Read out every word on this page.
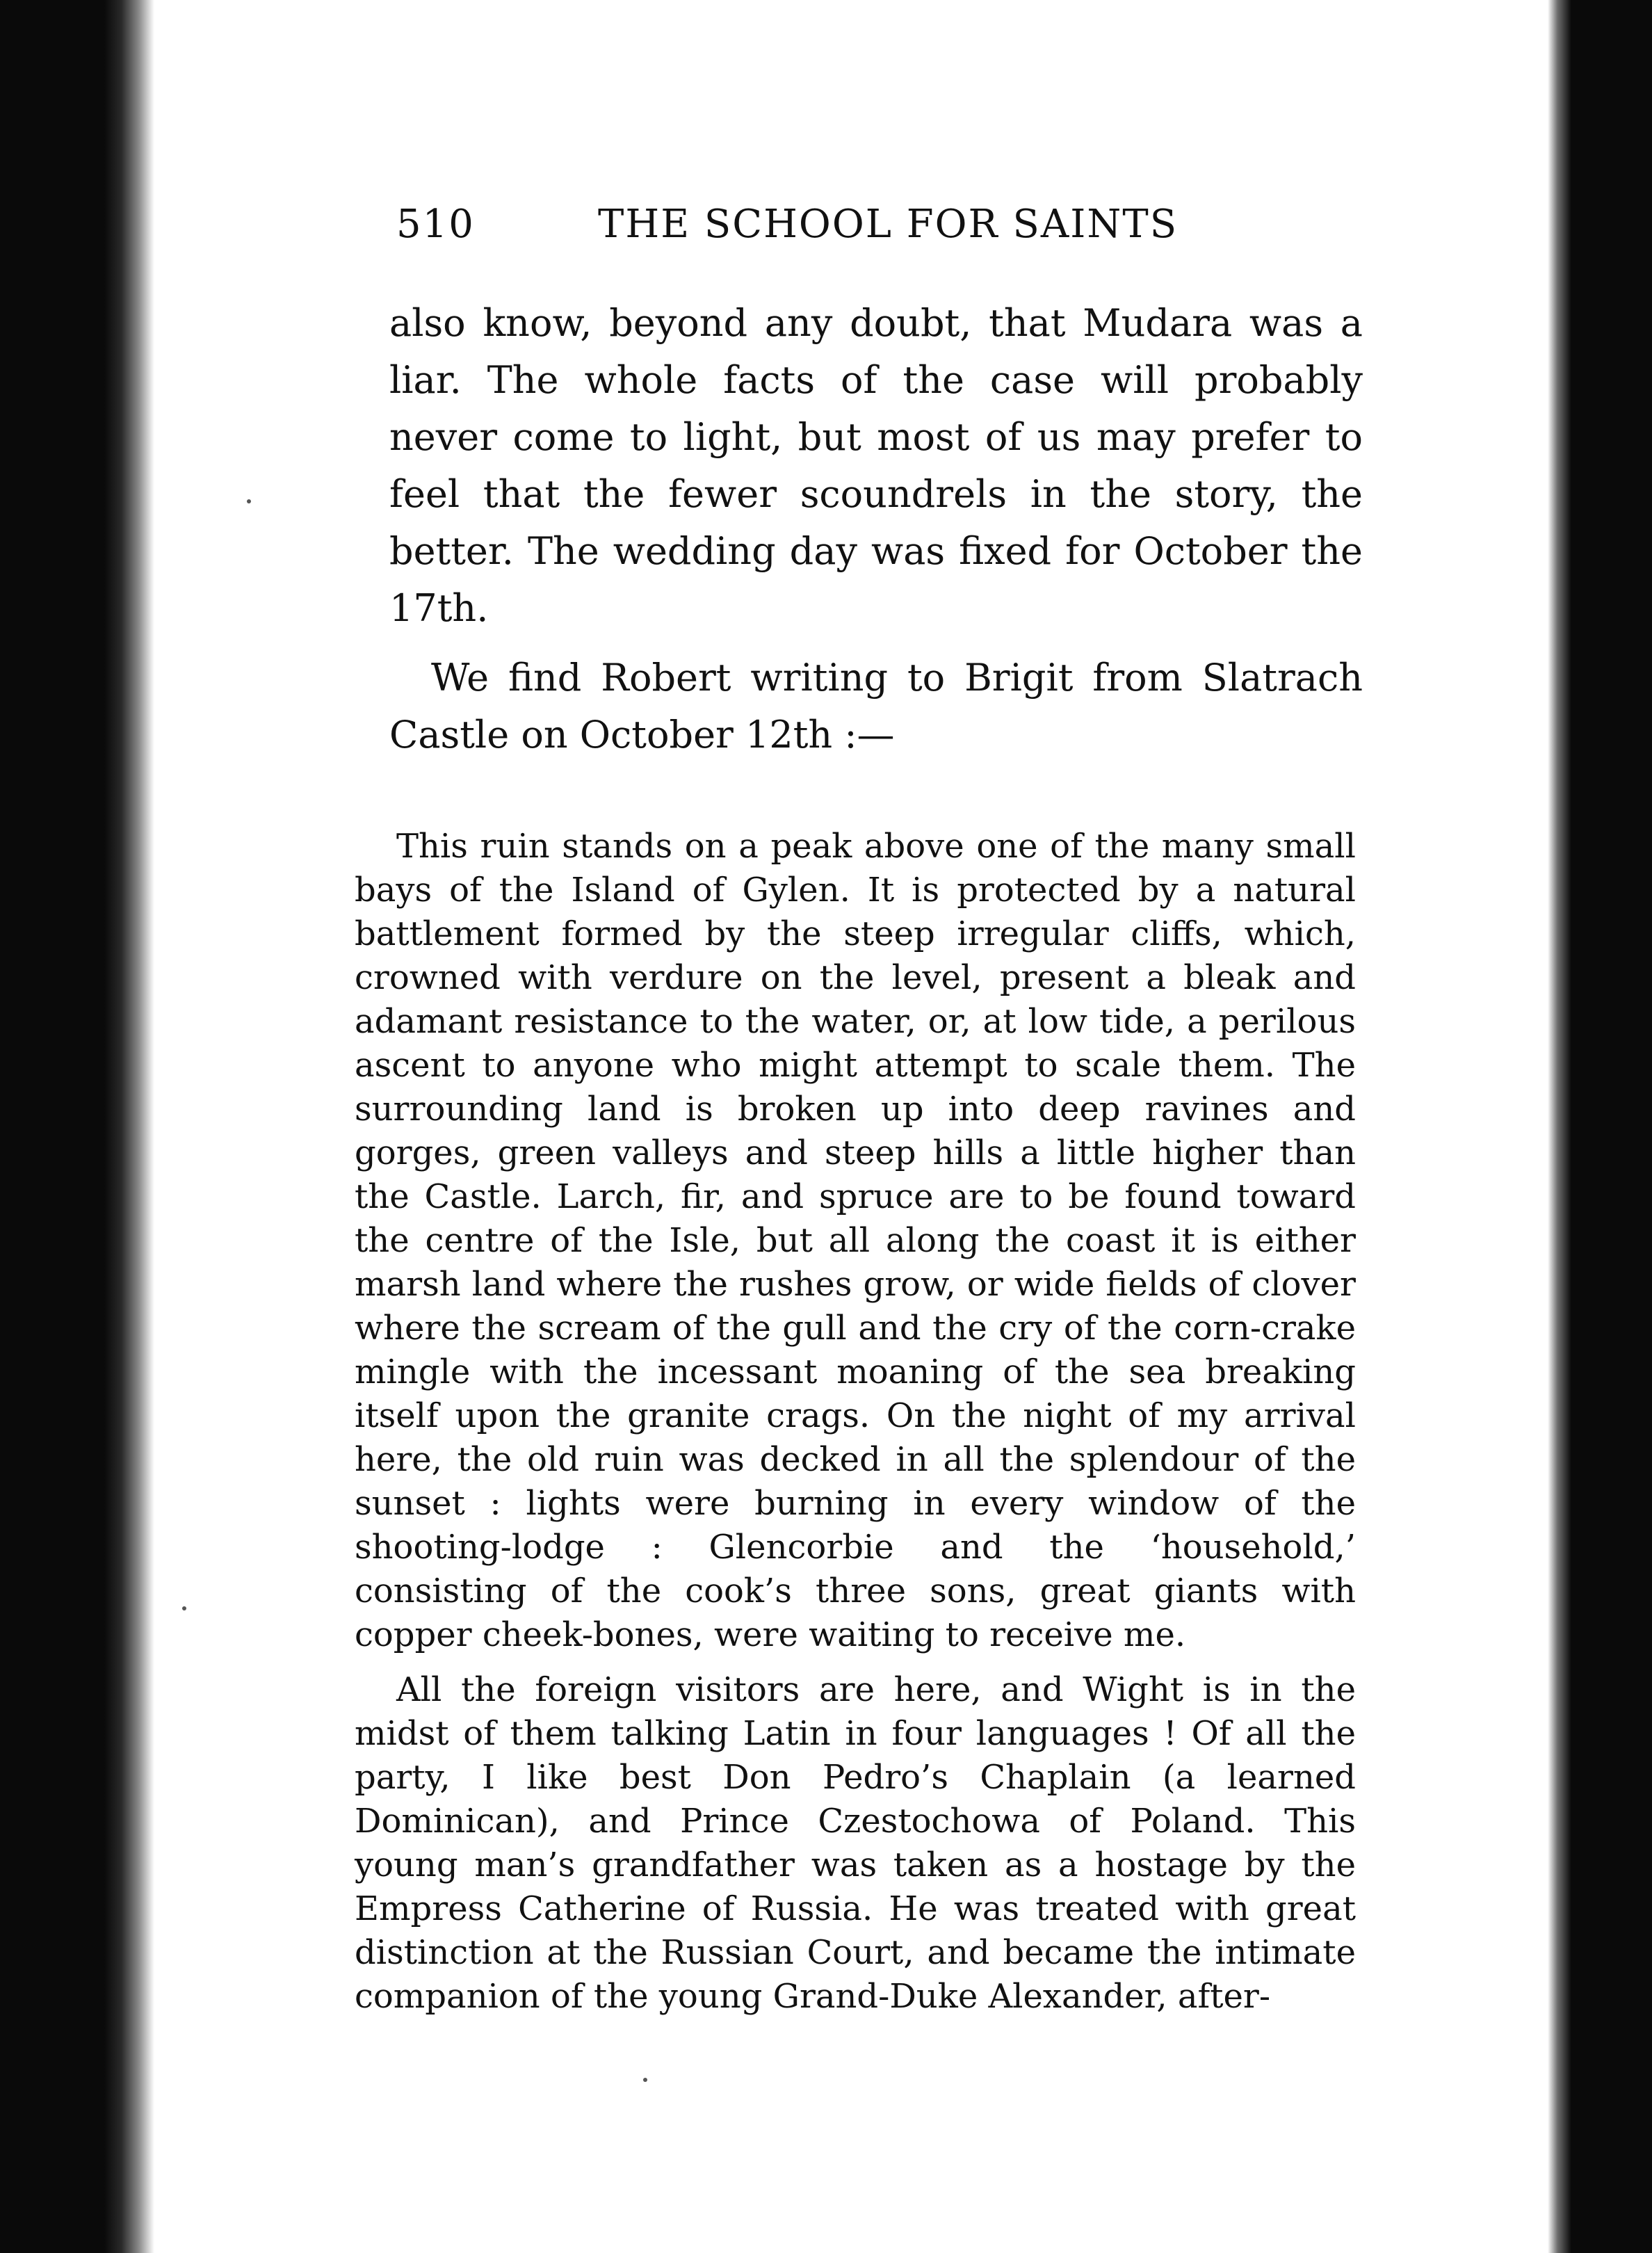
510	THE SCHOOL FOR SAINTS

also know, beyond any doubt, that Mudara was a liar. The whole facts of the case will probably never come to light, but most of us may prefer to feel that the fewer scoundrels in the story, the better. The wedding day was fixed for October the 17th.

We find Robert writing to Brigit from Slatrach Castle on October 12th :—

This ruin stands on a peak above one of the many small bays of the Island of Gylen. It is protected by a natural battlement formed by the steep irregular cliffs, which, crowned with verdure on the level, present a bleak and adamant resistance to the water, or, at low tide, a perilous ascent to anyone who might attempt to scale them. The surrounding land is broken up into deep ravines and gorges, green valleys and steep hills a little higher than the Castle. Larch, fir, and spruce are to be found toward the centre of the Isle, but all along the coast it is either marsh land where the rushes grow, or wide fields of clover where the scream of the gull and the cry of the corn-crake mingle with the incessant moaning of the sea breaking itself upon the granite crags. On the night of my arrival here, the old ruin was decked in all the splendour of the sunset : lights were burning in every window of the shooting-lodge : Glencorbie and the ‘household,’ consisting of the cook’s three sons, great giants with copper cheek-bones, were waiting to receive me.

All the foreign visitors are here, and Wight is in the midst of them talking Latin in four languages ! Of all the party, I like best Don Pedro’s Chaplain (a learned Dominican), and Prince Czestochowa of Poland. This young man’s grandfather was taken as a hostage by the Empress Catherine of Russia. He was treated with great distinction at the Russian Court, and became the intimate companion of the young Grand-Duke Alexander, after-
